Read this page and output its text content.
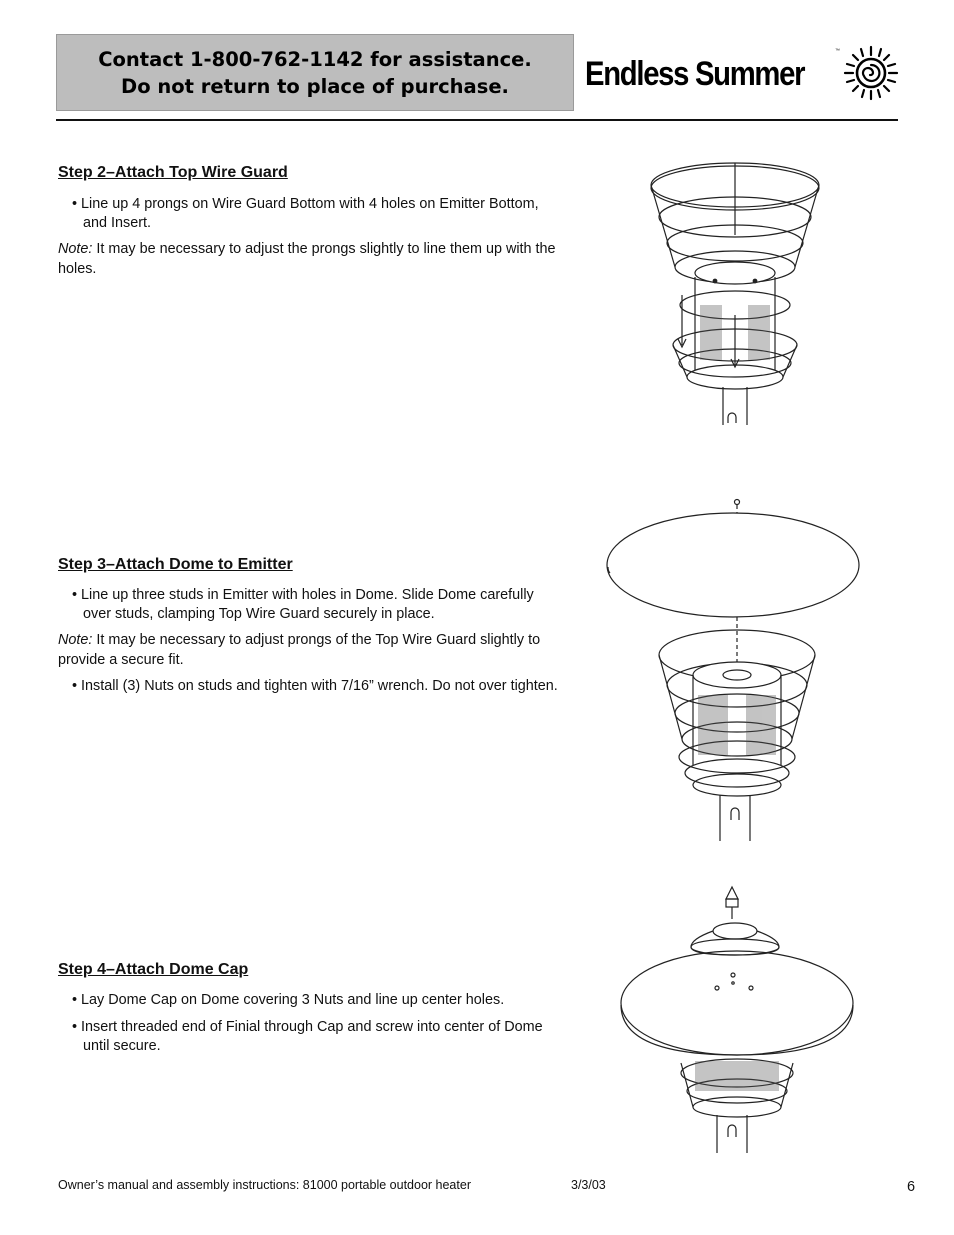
Contact 1-800-762-1142 for assistance.
Do not return to place of purchase. Endless Summer
™
Step 2–Attach Top Wire Guard
• Line up 4 prongs on Wire Guard Bottom with 4 holes on Emitter Bottom, and Insert.
Note: It may be necessary to adjust the prongs slightly to line them up with the holes.
Step 3–Attach Dome to Emitter
• Line up three studs in Emitter with holes in Dome. Slide Dome carefully over studs, clamping Top Wire Guard securely in place.
Note: It may be necessary to adjust prongs of the Top Wire Guard slightly to provide a secure fit.
• Install (3) Nuts on studs and tighten with 7/16” wrench. Do not over tighten.
Step 4–Attach Dome Cap
• Lay Dome Cap on Dome covering 3 Nuts and line up center holes.
• Insert threaded end of Finial through Cap and screw into center of Dome until secure.
Owner’s manual and assembly instructions: 81000 portable outdoor heater	3/3/03	6
